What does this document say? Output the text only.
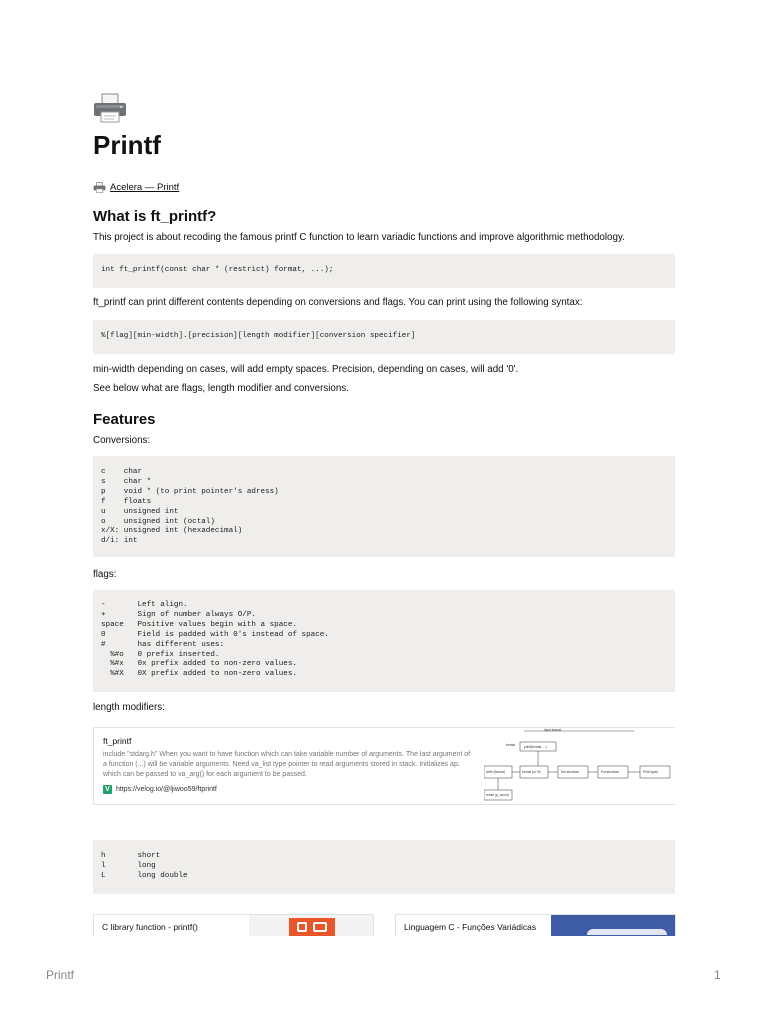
Printf
Acelera — Printf
What is ft_printf?

This project is about recoding the famous printf C function to learn variadic functions and improve algorithmic methodology.

int ft_printf(const char * (restrict) format, ...);

ft_printf can print different contents depending on conversions and flags. You can print using the following syntax:

%[flag][min-width].[precision][length modifier][conversion specifier]

min-width depending on cases, will add empty spaces. Precision, depending on cases, will add '0'.

See below what are flags, length modifier and conversions.

Features

Conversions:

c    char
s    char *
p    void * (to print pointer's adress)
f    floats
u    unsigned int
o    unsigned int (octal)
x/X: unsigned int (hexadecimal)
d/i: int

flags:

-       Left align.
+       Sign of number always O/P.
space   Positive values begin with a space.
0       Field is padded with 0's instead of space.
#       has different uses:
%#o   0 prefix inserted.
%#x   0x prefix added to non-zero values.
%#X   0X prefix added to non-zero values.

length modifiers:

ft_printf
include "stdarg.h" When you want to have function which can take variable number of arguments. The last argument of a function (...) will be variable arguments. Need va_list type pointer to read arguments stored in stack. Initializes ap, which can be passed to va_arg() for each argument to be passed.
V https://velog.io/@ljiwoo59/ftprintf
input format
format	printf(format, ...)
write (format)	format (or %)	Set structure	Put structure	Print types
return (p_count)
h       short
l       long
L       long double
C library function - printf()	Linguagem C - Funções Variádicas
Printf	1
